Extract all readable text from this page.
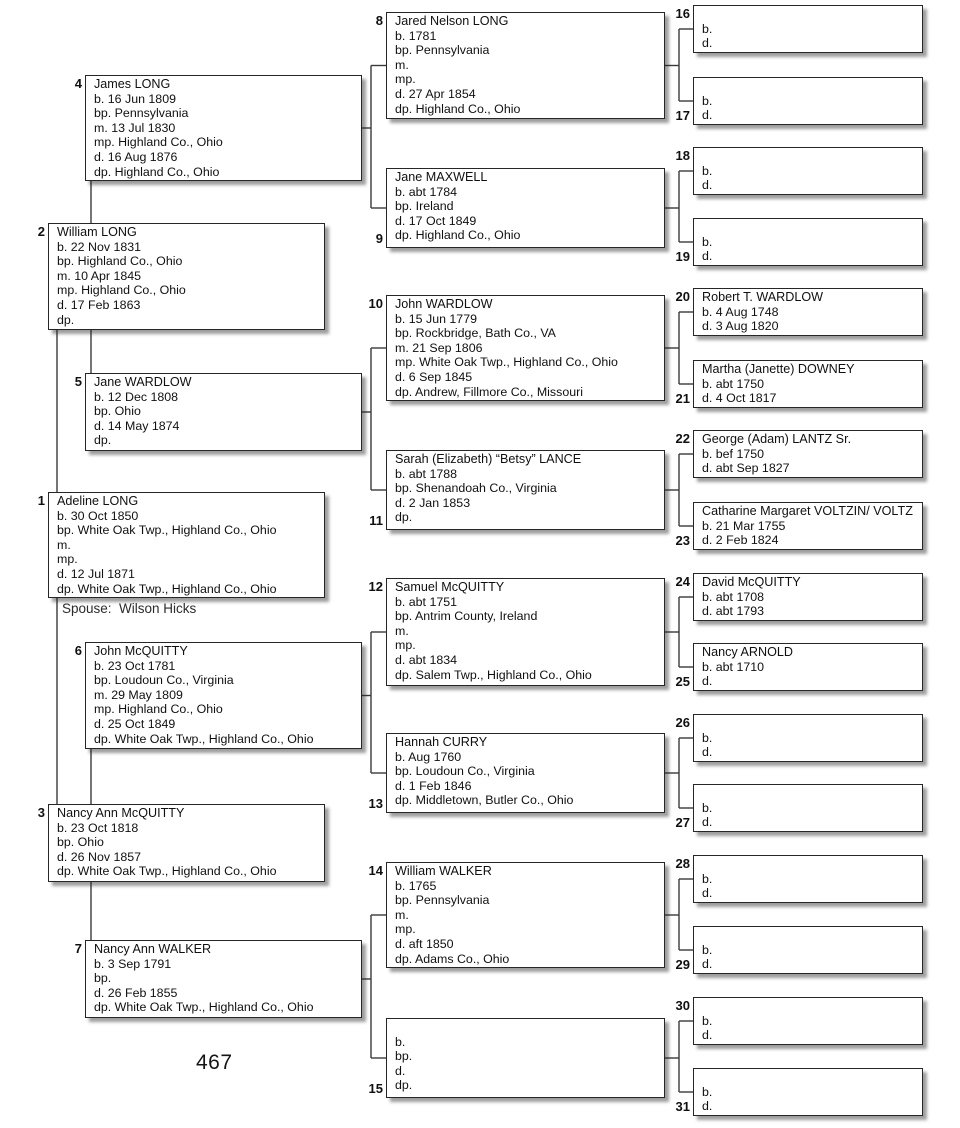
Adeline LONG
b. 30 Oct 1850
bp. White Oak Twp., Highland Co., Ohio
m.
mp.
d. 12 Jul 1871
dp. White Oak Twp., Highland Co., Ohio
1
William LONG
b. 22 Nov 1831
bp. Highland Co., Ohio
m. 10 Apr 1845
mp. Highland Co., Ohio
d. 17 Feb 1863
dp.
2
Nancy Ann McQUITTY
b. 23 Oct 1818
bp. Ohio
d. 26 Nov 1857
dp. White Oak Twp., Highland Co., Ohio
3
James LONG
b. 16 Jun 1809
bp. Pennsylvania
m. 13 Jul 1830
mp. Highland Co., Ohio
d. 16 Aug 1876
dp. Highland Co., Ohio
4
Jane WARDLOW
b. 12 Dec 1808
bp. Ohio
d. 14 May 1874
dp.
5
John McQUITTY
b. 23 Oct 1781
bp. Loudoun Co., Virginia
m. 29 May 1809
mp. Highland Co., Ohio
d. 25 Oct 1849
dp. White Oak Twp., Highland Co., Ohio
6
Nancy Ann WALKER
b. 3 Sep 1791
bp.
d. 26 Feb 1855
dp. White Oak Twp., Highland Co., Ohio
7
Jared Nelson LONG
b. 1781
bp. Pennsylvania
m.
mp.
d. 27 Apr 1854
dp. Highland Co., Ohio
8
Jane MAXWELL
b. abt 1784
bp. Ireland
d. 17 Oct 1849
dp. Highland Co., Ohio
9
John WARDLOW
b. 15 Jun 1779
bp. Rockbridge, Bath Co., VA
m. 21 Sep 1806
mp. White Oak Twp., Highland Co., Ohio
d. 6 Sep 1845
dp. Andrew, Fillmore Co., Missouri
10
Sarah (Elizabeth) “Betsy” LANCE
b. abt 1788
bp. Shenandoah Co., Virginia
d. 2 Jan 1853
dp.
11
Samuel McQUITTY
b. abt 1751
bp. Antrim County, Ireland
m.
mp.
d. abt 1834
dp. Salem Twp., Highland Co., Ohio
12
Hannah CURRY
b. Aug 1760
bp. Loudoun Co., Virginia
d. 1 Feb 1846
dp. Middletown, Butler Co., Ohio
13
William WALKER
b. 1765
bp. Pennsylvania
m.
mp.
d. aft 1850
dp. Adams Co., Ohio
14
b.
bp.
d.
dp.
15
b.
d.
16
b.
d.
17
b.
d.
18
b.
d.
19
Robert T. WARDLOW
b. 4 Aug 1748
d. 3 Aug 1820
20
Martha (Janette) DOWNEY
b. abt 1750
d. 4 Oct 1817
21
George (Adam) LANTZ Sr.
b. bef 1750
d. abt Sep 1827
22
Catharine Margaret VOLTZIN/ VOLTZ
b. 21 Mar 1755
d. 2 Feb 1824
23
David McQUITTY
b. abt 1708
d. abt 1793
24
Nancy ARNOLD
b. abt 1710
d.
25
b.
d.
26
b.
d.
27
b.
d.
28
b.
d.
29
b.
d.
30
b.
d.
31
Spouse:  Wilson Hicks
467
